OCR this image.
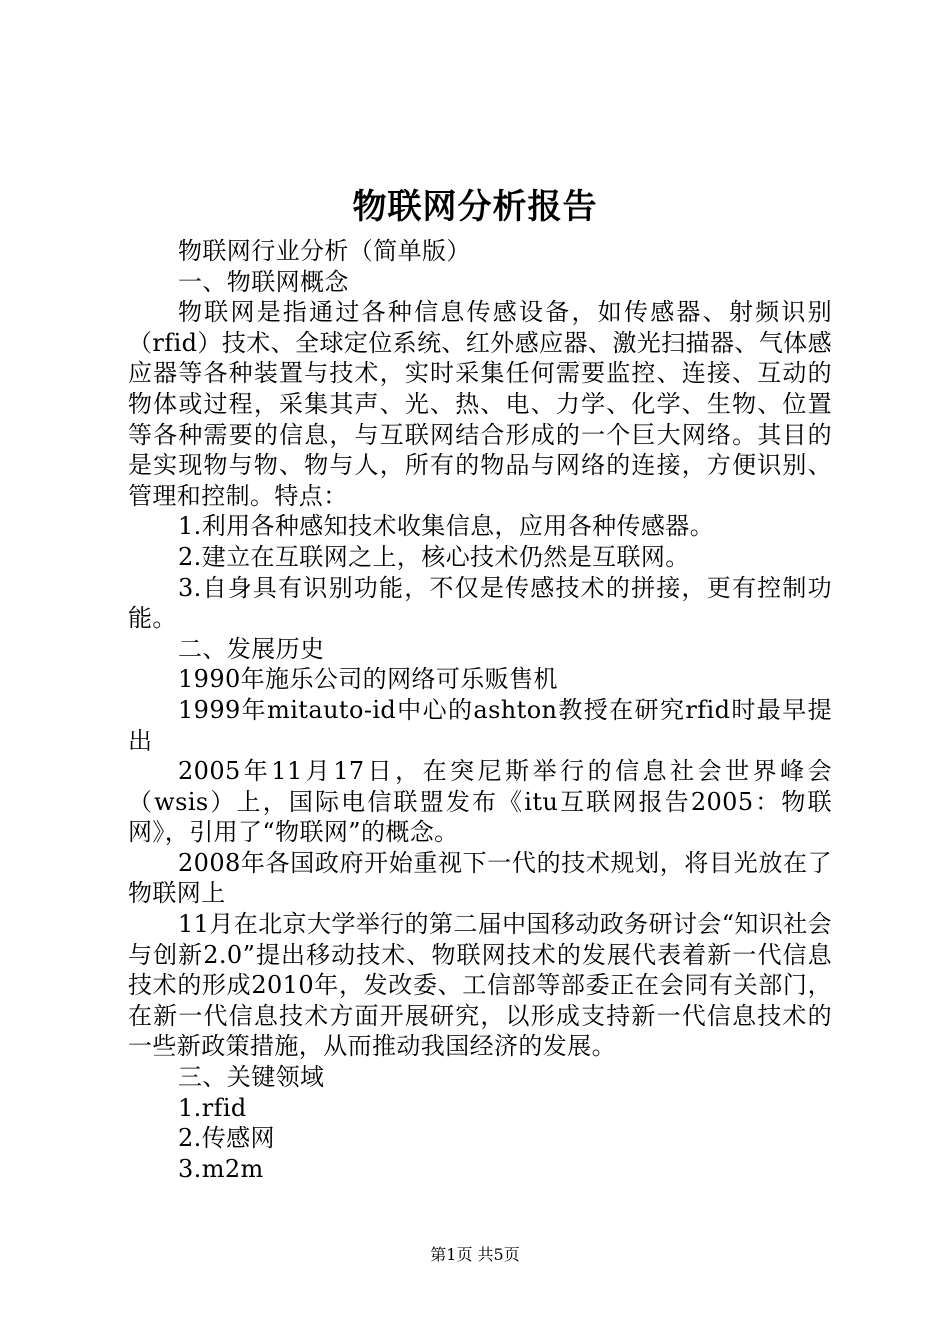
物联网分析报告

物联网行业分析（简单版）

一、物联网概念

物联网是指通过各种信息传感设备，如传感器、射频识别（rfid）技术、全球定位系统、红外感应器、激光扫描器、气体感应器等各种装置与技术，实时采集任何需要监控、连接、互动的物体或过程，采集其声、光、热、电、力学、化学、生物、位置等各种需要的信息，与互联网结合形成的一个巨大网络。其目的是实现物与物、物与人，所有的物品与网络的连接，方便识别、管理和控制。特点：

1.利用各种感知技术收集信息，应用各种传感器。

2.建立在互联网之上，核心技术仍然是互联网。

3.自身具有识别功能，不仅是传感技术的拼接，更有控制功能。

二、发展历史

1990年施乐公司的网络可乐贩售机

1999年mitauto-id中心的ashton教授在研究rfid时最早提出

2005年11月17日，在突尼斯举行的信息社会世界峰会（wsis）上，国际电信联盟发布《itu互联网报告2005：物联网》，引用了“物联网”的概念。

2008年各国政府开始重视下一代的技术规划，将目光放在了物联网上

11月在北京大学举行的第二届中国移动政务研讨会“知识社会与创新2.0”提出移动技术、物联网技术的发展代表着新一代信息技术的形成2010年，发改委、工信部等部委正在会同有关部门，在新一代信息技术方面开展研究，以形成支持新一代信息技术的一些新政策措施，从而推动我国经济的发展。

三、关键领域

1.rfid

2.传感网

3.m2m

第1页 共5页
